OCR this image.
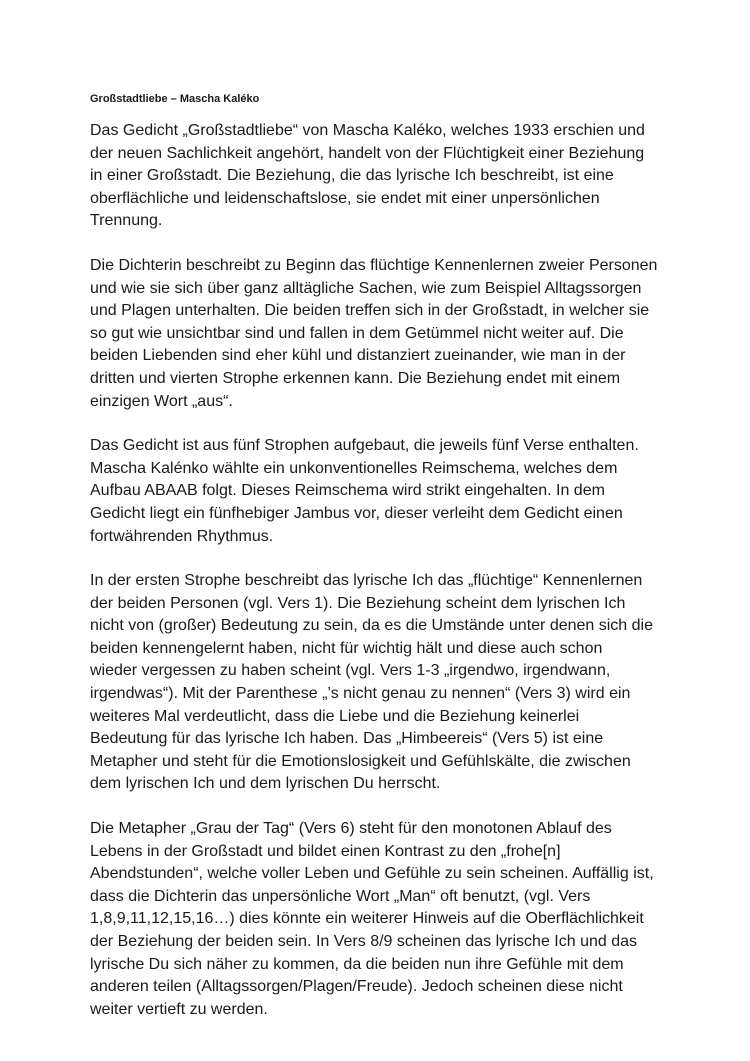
Großstadtliebe – Mascha Kaléko

Das Gedicht „Großstadtliebe“ von Mascha Kaléko, welches 1933 erschien und
der neuen Sachlichkeit angehört, handelt von der Flüchtigkeit einer Beziehung
in einer Großstadt. Die Beziehung, die das lyrische Ich beschreibt, ist eine
oberflächliche und leidenschaftslose, sie endet mit einer unpersönlichen
Trennung.

Die Dichterin beschreibt zu Beginn das flüchtige Kennenlernen zweier Personen
und wie sie sich über ganz alltägliche Sachen, wie zum Beispiel Alltagssorgen
und Plagen unterhalten. Die beiden treffen sich in der Großstadt, in welcher sie
so gut wie unsichtbar sind und fallen in dem Getümmel nicht weiter auf. Die
beiden Liebenden sind eher kühl und distanziert zueinander, wie man in der
dritten und vierten Strophe erkennen kann. Die Beziehung endet mit einem
einzigen Wort „aus“.

Das Gedicht ist aus fünf Strophen aufgebaut, die jeweils fünf Verse enthalten.
Mascha Kalénko wählte ein unkonventionelles Reimschema, welches dem
Aufbau ABAAB folgt. Dieses Reimschema wird strikt eingehalten. In dem
Gedicht liegt ein fünfhebiger Jambus vor, dieser verleiht dem Gedicht einen
fortwährenden Rhythmus.

In der ersten Strophe beschreibt das lyrische Ich das „flüchtige“ Kennenlernen
der beiden Personen (vgl. Vers 1). Die Beziehung scheint dem lyrischen Ich
nicht von (großer) Bedeutung zu sein, da es die Umstände unter denen sich die
beiden kennengelernt haben, nicht für wichtig hält und diese auch schon
wieder vergessen zu haben scheint (vgl. Vers 1-3 „irgendwo, irgendwann,
irgendwas“). Mit der Parenthese „’s nicht genau zu nennen“ (Vers 3) wird ein
weiteres Mal verdeutlicht, dass die Liebe und die Beziehung keinerlei
Bedeutung für das lyrische Ich haben. Das „Himbeereis“ (Vers 5) ist eine
Metapher und steht für die Emotionslosigkeit und Gefühlskälte, die zwischen
dem lyrischen Ich und dem lyrischen Du herrscht.

Die Metapher „Grau der Tag“ (Vers 6) steht für den monotonen Ablauf des
Lebens in der Großstadt und bildet einen Kontrast zu den „frohe[n]
Abendstunden“, welche voller Leben und Gefühle zu sein scheinen. Auffällig ist,
dass die Dichterin das unpersönliche Wort „Man“ oft benutzt, (vgl. Vers
1,8,9,11,12,15,16…) dies könnte ein weiterer Hinweis auf die Oberflächlichkeit
der Beziehung der beiden sein. In Vers 8/9 scheinen das lyrische Ich und das
lyrische Du sich näher zu kommen, da die beiden nun ihre Gefühle mit dem
anderen teilen (Alltagssorgen/Plagen/Freude). Jedoch scheinen diese nicht
weiter vertieft zu werden.
